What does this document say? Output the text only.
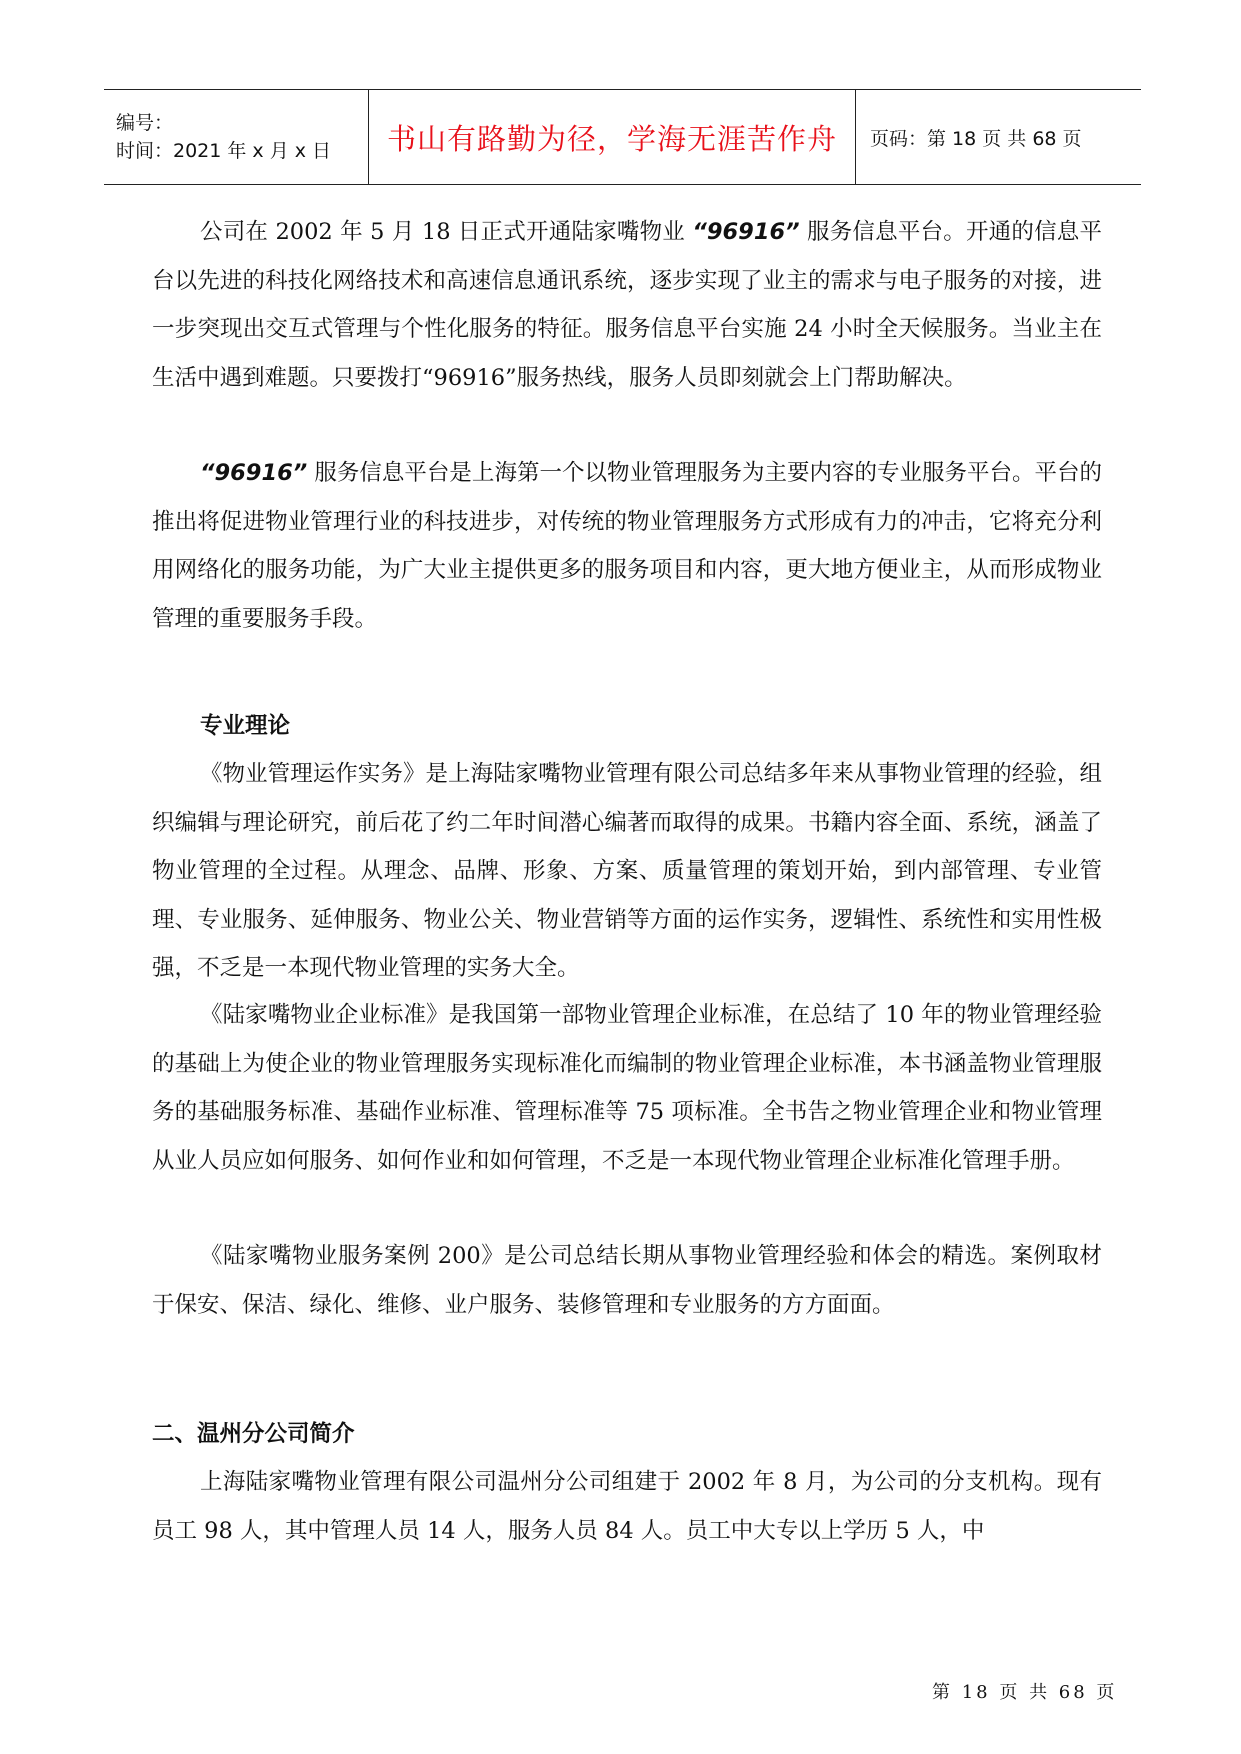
编号：
时间：2021 年 x 月 x 日	书山有路勤为径，学海无涯苦作舟 页码：第 18 页 共 68 页

公司在 2002 年 5 月 18 日正式开通陆家嘴物业 “96916” 服务信息平台。开通的信息平台以先进的科技化网络技术和高速信息通讯系统，逐步实现了业主的需求与电子服务的对接，进一步突现出交互式管理与个性化服务的特征。服务信息平台实施 24 小时全天候服务。当业主在生活中遇到难题。只要拨打“96916”服务热线，服务人员即刻就会上门帮助解决。

“96916” 服务信息平台是上海第一个以物业管理服务为主要内容的专业服务平台。平台的推出将促进物业管理行业的科技进步，对传统的物业管理服务方式形成有力的冲击，它将充分利用网络化的服务功能，为广大业主提供更多的服务项目和内容，更大地方便业主，从而形成物业管理的重要服务手段。

专业理论

《物业管理运作实务》是上海陆家嘴物业管理有限公司总结多年来从事物业管理的经验，组织编辑与理论研究，前后花了约二年时间潜心编著而取得的成果。书籍内容全面、系统，涵盖了物业管理的全过程。从理念、品牌、形象、方案、质量管理的策划开始，到内部管理、专业管理、专业服务、延伸服务、物业公关、物业营销等方面的运作实务，逻辑性、系统性和实用性极强，不乏是一本现代物业管理的实务大全。

《陆家嘴物业企业标准》是我国第一部物业管理企业标准，在总结了 10 年的物业管理经验的基础上为使企业的物业管理服务实现标准化而编制的物业管理企业标准，本书涵盖物业管理服务的基础服务标准、基础作业标准、管理标准等 75 项标准。全书告之物业管理企业和物业管理从业人员应如何服务、如何作业和如何管理，不乏是一本现代物业管理企业标准化管理手册。

《陆家嘴物业服务案例 200》是公司总结长期从事物业管理经验和体会的精选。案例取材于保安、保洁、绿化、维修、业户服务、装修管理和专业服务的方方面面。

二、温州分公司简介

上海陆家嘴物业管理有限公司温州分公司组建于 2002 年 8 月，为公司的分支机构。现有员工 98 人，其中管理人员 14 人，服务人员 84 人。员工中大专以上学历 5 人，中

第 18 页 共 68 页
